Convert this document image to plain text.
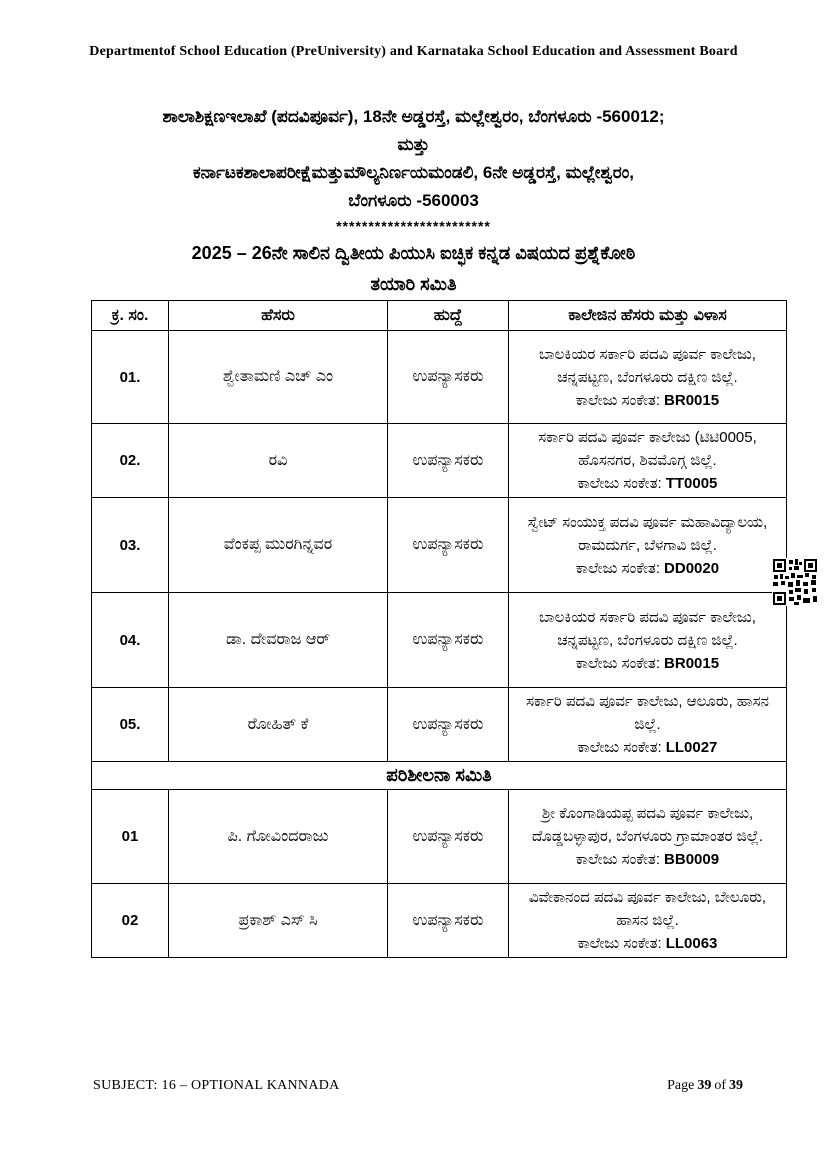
Departmentof School Education (PreUniversity) and Karnataka School Education and Assessment Board
ಶಾಲಾಶಿಕ್ಷಣಇಲಾಖೆ (ಪದವಿಪೂರ್ವ), 18ನೇ ಅಡ್ಡರಸ್ತೆ, ಮಲ್ಲೇಶ್ವರಂ, ಬೆಂಗಳೂರು -560012;
ಮತ್ತು
ಕರ್ನಾಟಕಶಾಲಾಪರೀಕ್ಷೆಮತ್ತುಮೌಲ್ಯನಿರ್ಣಯಮಂಡಲಿ, 6ನೇ ಅಡ್ಡರಸ್ತೆ, ಮಲ್ಲೇಶ್ವರಂ,
ಬೆಂಗಳೂರು -560003
************************
2025 – 26ನೇ ಸಾಲಿನ ದ್ವಿತೀಯ ಪಿಯುಸಿ ಐಚ್ಛಿಕ ಕನ್ನಡ ವಿಷಯದ ಪ್ರಶ್ನೆಕೋಠಿ
ತಯಾರಿ ಸಮಿತಿ
ಕ್ರ. ಸಂ.	ಹೆಸರು	ಹುದ್ದೆ	ಕಾಲೇಜಿನ ಹೆಸರು ಮತ್ತು ವಿಳಾಸ
01.	ಶ್ವೇತಾಮಣಿ ಎಚ್ ಎಂ	ಉಪನ್ಯಾಸಕರು	ಬಾಲಕಿಯರ ಸರ್ಕಾರಿ ಪದವಿ ಪೂರ್ವ ಕಾಲೇಜು, ಚನ್ನಪಟ್ಟಣ, ಬೆಂಗಳೂರು ದಕ್ಷಿಣ ಜಿಲ್ಲೆ.
ಕಾಲೇಜು ಸಂಕೇತ: BR0015

02.	ರವಿ	ಉಪನ್ಯಾಸಕರು	ಸರ್ಕಾರಿ ಪದವಿ ಪೂರ್ವ ಕಾಲೇಜು (ಟಿಟಿ0005, ಹೊಸನಗರ, ಶಿವಮೊಗ್ಗ ಜಿಲ್ಲೆ.
ಕಾಲೇಜು ಸಂಕೇತ: TT0005

03.	ವೆಂಕಪ್ಪ ಮುರಗಿನ್ನವರ	ಉಪನ್ಯಾಸಕರು	ಸ್ವೇಟ್ ಸಂಯುಕ್ತ ಪದವಿ ಪೂರ್ವ ಮಹಾವಿದ್ಯಾಲಯ, ರಾಮದುರ್ಗ, ಬೆಳಗಾವಿ ಜಿಲ್ಲೆ.
ಕಾಲೇಜು ಸಂಕೇತ: DD0020

04.	ಡಾ. ದೇವರಾಜ ಆರ್	ಉಪನ್ಯಾಸಕರು	ಬಾಲಕಿಯರ ಸರ್ಕಾರಿ ಪದವಿ ಪೂರ್ವ ಕಾಲೇಜು, ಚನ್ನಪಟ್ಟಣ, ಬೆಂಗಳೂರು ದಕ್ಷಿಣ ಜಿಲ್ಲೆ.
ಕಾಲೇಜು ಸಂಕೇತ: BR0015

05.	ರೋಹಿತ್ ಕೆ	ಉಪನ್ಯಾಸಕರು	ಸರ್ಕಾರಿ ಪದವಿ ಪೂರ್ವ ಕಾಲೇಜು, ಆಲೂರು, ಹಾಸನ ಜಿಲ್ಲೆ.
ಕಾಲೇಜು ಸಂಕೇತ: LL0027

ಪರಿಶೀಲನಾ ಸಮಿತಿ			
01	ಪಿ. ಗೋವಿಂದರಾಜು	ಉಪನ್ಯಾಸಕರು	ಶ್ರೀ ಕೊಂಗಾಡಿಯಪ್ಪ ಪದವಿ ಪೂರ್ವ ಕಾಲೇಜು, ದೊಡ್ಡಬಳ್ಳಾಪುರ, ಬೆಂಗಳೂರು ಗ್ರಾಮಾಂತರ ಜಿಲ್ಲೆ.
ಕಾಲೇಜು ಸಂಕೇತ: BB0009

02	ಪ್ರಕಾಶ್ ಎಸ್ ಸಿ	ಉಪನ್ಯಾಸಕರು	ವಿವೇಕಾನಂದ ಪದವಿ ಪೂರ್ವ ಕಾಲೇಜು, ಬೇಲೂರು, ಹಾಸನ ಜಿಲ್ಲೆ.
ಕಾಲೇಜು ಸಂಕೇತ: LL0063
SUBJECT: 16 – OPTIONAL KANNADA	Page 39 of 39
